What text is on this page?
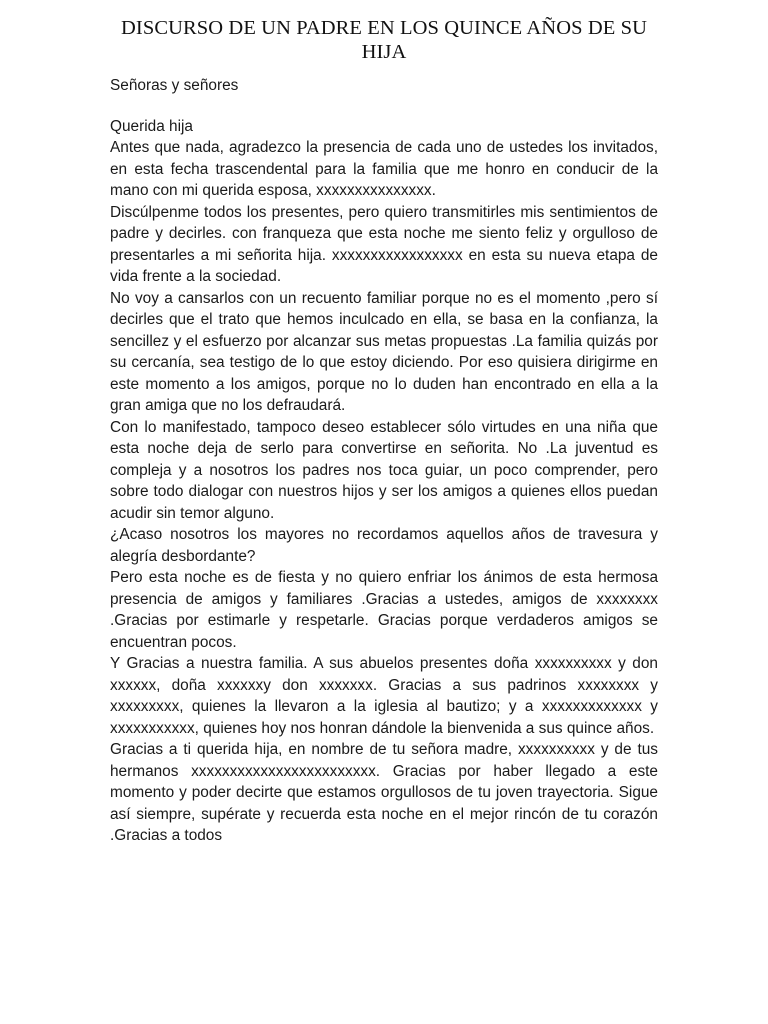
DISCURSO DE UN PADRE EN LOS QUINCE AÑOS DE SU
HIJA

Señoras y señores

Querida hija

Antes que nada, agradezco la presencia de cada uno de ustedes los invitados, en esta fecha trascendental para la familia que me honro en conducir de la mano con mi querida esposa, xxxxxxxxxxxxxxx.

Discúlpenme todos los presentes, pero quiero transmitirles mis sentimientos de padre y decirles. con franqueza que esta noche me siento feliz y orgulloso de presentarles a mi señorita hija. xxxxxxxxxxxxxxxxx en esta su nueva etapa de vida frente a la sociedad.

No voy a cansarlos con un recuento familiar porque no es el momento ,pero sí decirles que el trato que hemos inculcado en ella, se basa en la confianza, la sencillez y el esfuerzo por alcanzar sus metas propuestas .La familia quizás por su cercanía, sea testigo de lo que estoy diciendo. Por eso quisiera dirigirme en este momento a los amigos, porque no lo duden han encontrado en ella a la gran amiga que no los defraudará.

Con lo manifestado, tampoco deseo establecer sólo virtudes en una niña que esta noche deja de serlo para convertirse en señorita. No .La juventud es compleja y a nosotros los padres nos toca guiar, un poco comprender, pero sobre todo dialogar con nuestros hijos y ser los amigos a quienes ellos puedan acudir sin temor alguno.

¿Acaso nosotros los mayores no recordamos aquellos años de travesura y alegría desbordante?

Pero esta noche es de fiesta y no quiero enfriar los ánimos de esta hermosa presencia de amigos y familiares .Gracias a ustedes, amigos de xxxxxxxx .Gracias por estimarle y respetarle. Gracias porque verdaderos amigos se encuentran pocos.

Y Gracias a nuestra familia. A sus abuelos presentes doña xxxxxxxxxx y don xxxxxx, doña xxxxxxy don xxxxxxx. Gracias a sus padrinos xxxxxxxx y xxxxxxxxx, quienes la llevaron a la iglesia al bautizo; y a xxxxxxxxxxxxx y xxxxxxxxxxx, quienes hoy nos honran dándole la bienvenida a sus quince años.

Gracias a ti querida hija, en nombre de tu señora madre, xxxxxxxxxx y de tus hermanos xxxxxxxxxxxxxxxxxxxxxxxx. Gracias por haber llegado a este momento y poder decirte que estamos orgullosos de tu joven trayectoria. Sigue así siempre, supérate y recuerda esta noche en el mejor rincón de tu corazón .Gracias a todos
